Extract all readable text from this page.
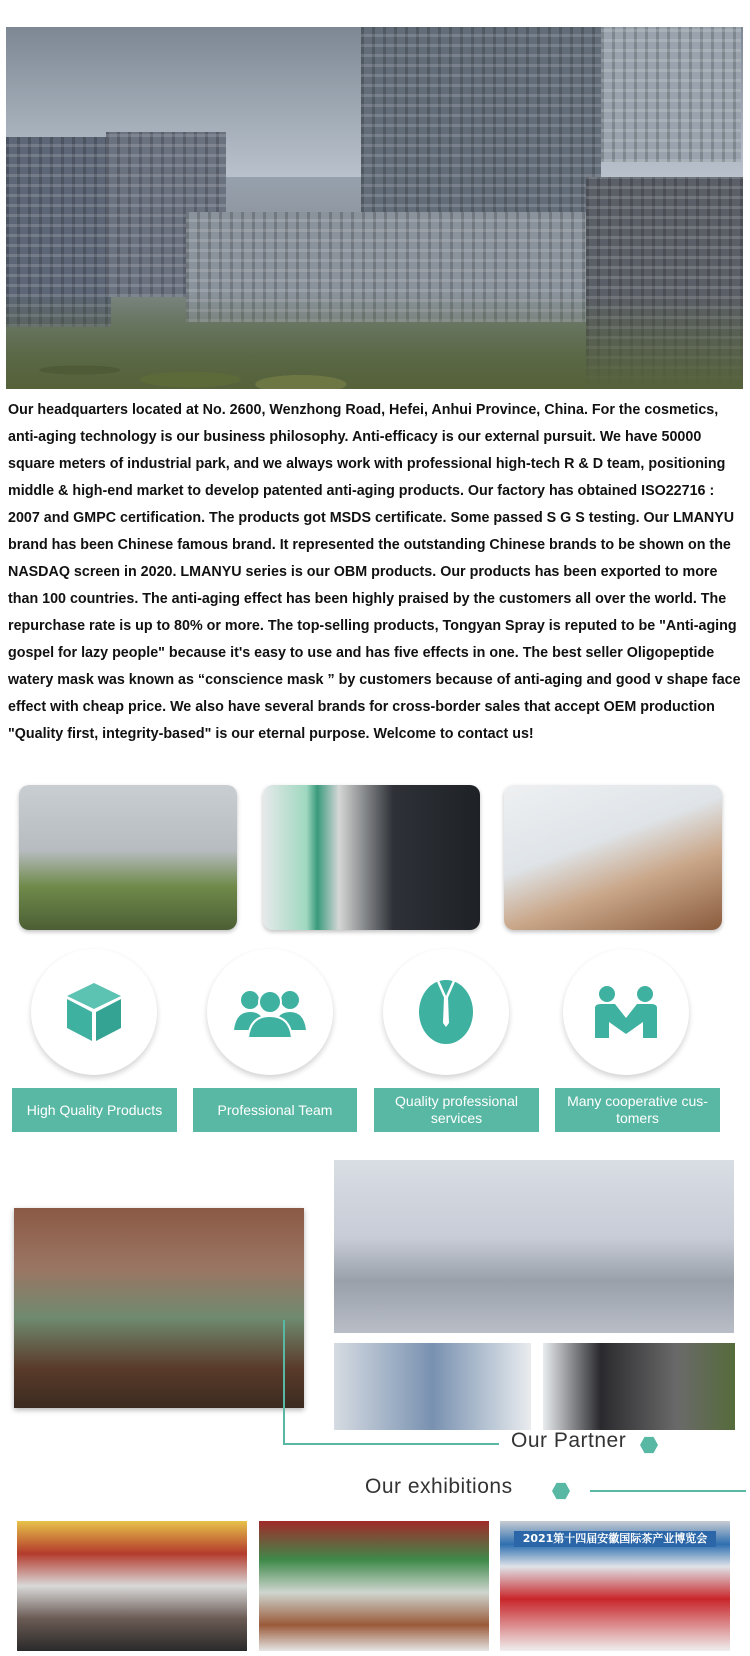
Our headquarters located at No. 2600, Wenzhong Road, Hefei, Anhui Province, China. For the cosmetics, anti-aging technology is our business philosophy. Anti-efficacy is our external pursuit. We have 50000 square meters of industrial park, and we always work with professional high-tech R & D team, positioning middle & high-end market to develop patented anti-aging products. Our factory has obtained ISO22716 : 2007 and GMPC certification. The products got MSDS certificate. Some passed S G S testing. Our LMANYU brand has been Chinese famous brand. It represented the outstanding Chinese brands to be shown on the NASDAQ screen in 2020. LMANYU series is our OBM products. Our products has been exported to more than 100 countries. The anti-aging effect has been highly praised by the customers all over the world. The repurchase rate is up to 80% or more. The top-selling products, Tongyan Spray is reputed to be "Anti-aging gospel for lazy people" because it's easy to use and has five effects in one. The best seller Oligopeptide watery mask was known as “conscience mask ” by customers because of anti-aging and good v shape face effect with cheap price. We also have several brands for cross-border sales that accept OEM production

"Quality first, integrity-based" is our eternal purpose. Welcome to contact us!

High Quality Products	Professional Team
Quality professional services
Many cooperative cus-tomers
Our Partner
Our exhibitions
2021第十四届安徽国际茶产业博览会
